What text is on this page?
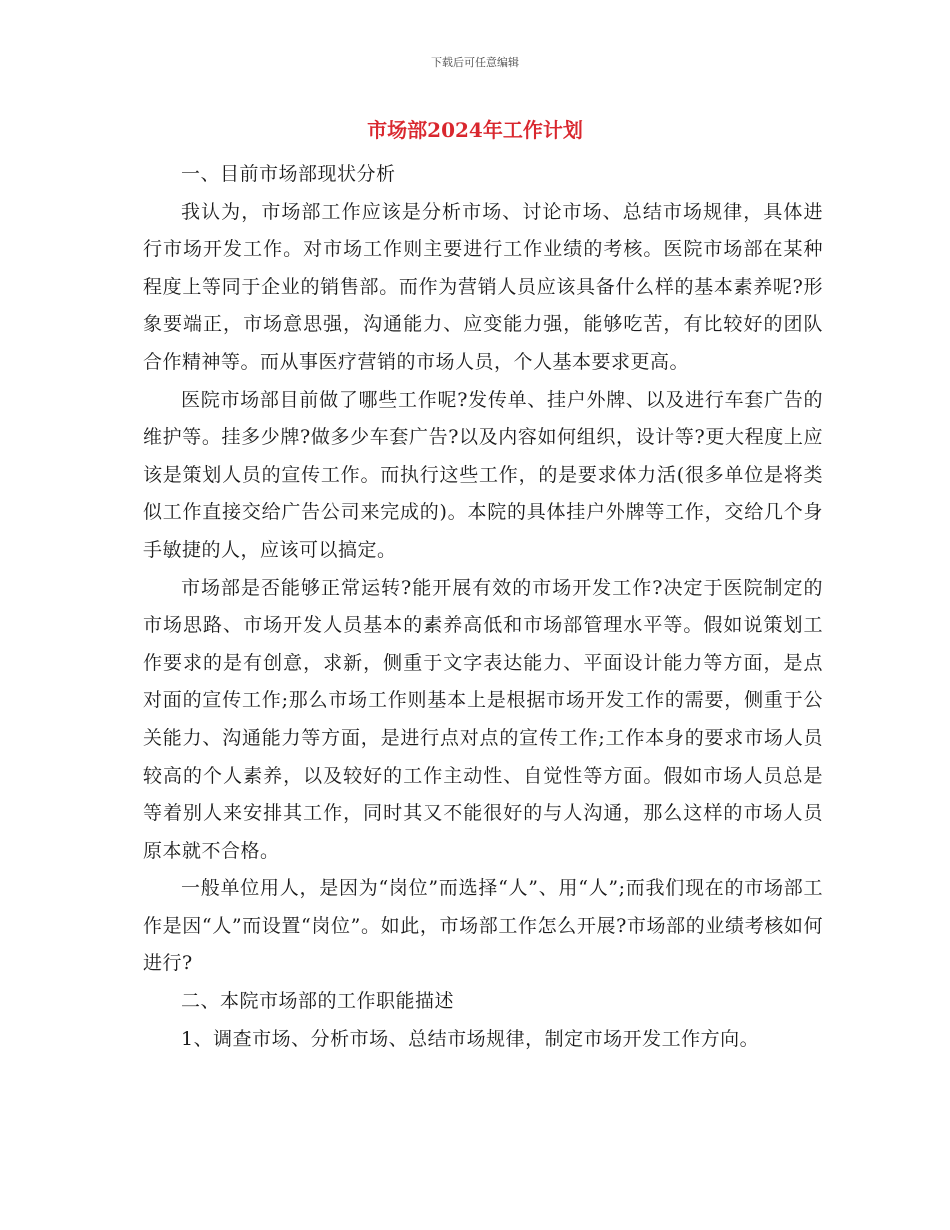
下载后可任意编辑
市场部2024年工作计划

一、目前市场部现状分析

我认为，市场部工作应该是分析市场、讨论市场、总结市场规律，具体进行市场开发工作。对市场工作则主要进行工作业绩的考核。医院市场部在某种程度上等同于企业的销售部。而作为营销人员应该具备什么样的基本素养呢?形象要端正，市场意思强，沟通能力、应变能力强，能够吃苦，有比较好的团队合作精神等。而从事医疗营销的市场人员，个人基本要求更高。

医院市场部目前做了哪些工作呢?发传单、挂户外牌、以及进行车套广告的维护等。挂多少牌?做多少车套广告?以及内容如何组织，设计等?更大程度上应该是策划人员的宣传工作。而执行这些工作，的是要求体力活(很多单位是将类似工作直接交给广告公司来完成的)。本院的具体挂户外牌等工作，交给几个身手敏捷的人，应该可以搞定。

市场部是否能够正常运转?能开展有效的市场开发工作?决定于医院制定的市场思路、市场开发人员基本的素养高低和市场部管理水平等。假如说策划工作要求的是有创意，求新，侧重于文字表达能力、平面设计能力等方面，是点对面的宣传工作;那么市场工作则基本上是根据市场开发工作的需要，侧重于公关能力、沟通能力等方面，是进行点对点的宣传工作;工作本身的要求市场人员较高的个人素养，以及较好的工作主动性、自觉性等方面。假如市场人员总是等着别人来安排其工作，同时其又不能很好的与人沟通，那么这样的市场人员原本就不合格。

一般单位用人，是因为“岗位”而选择“人”、用“人”;而我们现在的市场部工作是因“人”而设置“岗位”。如此，市场部工作怎么开展?市场部的业绩考核如何进行?

二、本院市场部的工作职能描述

1、调查市场、分析市场、总结市场规律，制定市场开发工作方向。
